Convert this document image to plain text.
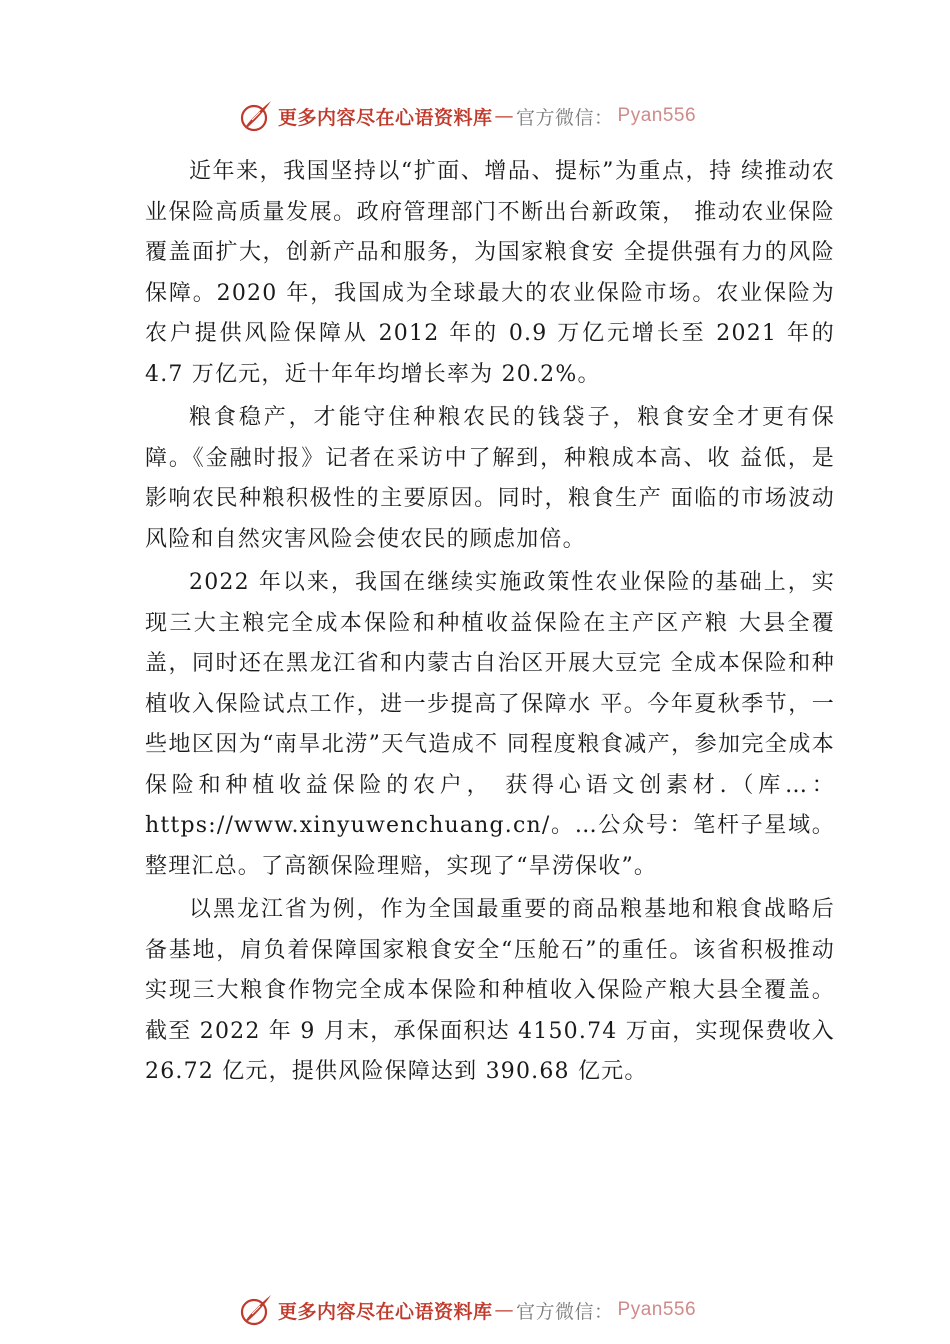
更多内容尽在心语资料库 — 官方微信： Pyan556

近年来，我国坚持以“扩面、增品、提标”为重点，持 续推动农业保险高质量发展。政府管理部门不断出台新政策， 推动农业保险覆盖面扩大，创新产品和服务，为国家粮食安 全提供强有力的风险保障。2020 年，我国成为全球最大的农业保险市场。农业保险为农户提供风险保障从 2012 年的 0.9 万亿元增长至 2021 年的 4.7 万亿元，近十年年均增长率为 20.2%。

粮食稳产，才能守住种粮农民的钱袋子，粮食安全才更有保障。《金融时报》记者在采访中了解到，种粮成本高、收 益低，是影响农民种粮积极性的主要原因。同时，粮食生产 面临的市场波动风险和自然灾害风险会使农民的顾虑加倍。

2022 年以来，我国在继续实施政策性农业保险的基础上，实现三大主粮完全成本保险和种植收益保险在主产区产粮 大县全覆盖，同时还在黑龙江省和内蒙古自治区开展大豆完 全成本保险和种植收入保险试点工作，进一步提高了保障水 平。今年夏秋季节，一些地区因为“南旱北涝”天气造成不 同程度粮食减产，参加完全成本保险和种植收益保险的农户， 获得心语文创素材.（库…：https://www.xinyuwenchuang.cn/。…公众号：笔杆子星域。整理汇总。了高额保险理赔，实现了“旱涝保收”。

以黑龙江省为例，作为全国最重要的商品粮基地和粮食战略后备基地，肩负着保障国家粮食安全“压舱石”的重任。该省积极推动实现三大粮食作物完全成本保险和种植收入保险产粮大县全覆盖。截至 2022 年 9 月末，承保面积达 4150.74 万亩，实现保费收入 26.72 亿元，提供风险保障达到 390.68 亿元。

更多内容尽在心语资料库 — 官方微信： Pyan556
